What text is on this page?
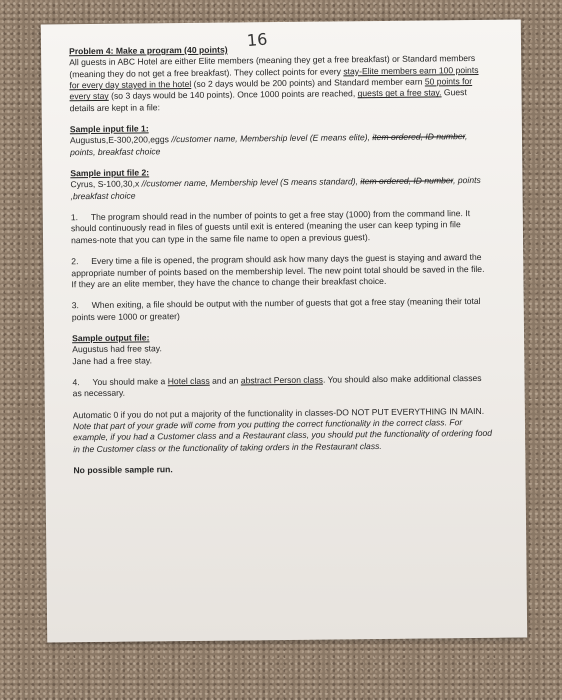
16

Problem 4: Make a program (40 points)
All guests in ABC Hotel are either Elite members (meaning they get a free breakfast) or Standard members (meaning they do not get a free breakfast). They collect points for every stay-Elite members earn 100 points for every day stayed in the hotel (so 2 days would be 200 points) and Standard member earn 50 points for every stay (so 3 days would be 140 points). Once 1000 points are reached, guests get a free stay. Guest details are kept in a file:

Sample input file 1:
Augustus,E-300,200,eggs //customer name, Membership level (E means elite), item ordered, ID number, points, breakfast choice

Sample input file 2:
Cyrus, S-100,30,x //customer name, Membership level (S means standard), item ordered, ID number, points ,breakfast choice

1. The program should read in the number of points to get a free stay (1000) from the command line. It should continuously read in files of guests until exit is entered (meaning the user can keep typing in file names-note that you can type in the same file name to open a previous guest).
2. Every time a file is opened, the program should ask how many days the guest is staying and award the appropriate number of points based on the membership level. The new point total should be saved in the file. If they are an elite member, they have the chance to change their breakfast choice.
3. When exiting, a file should be output with the number of guests that got a free stay (meaning their total points were 1000 or greater)

Sample output file:
Augustus had free stay.
Jane had a free stay.

4. You should make a Hotel class and an abstract Person class. You should also make additional classes as necessary.

Automatic 0 if you do not put a majority of the functionality in classes-DO NOT PUT EVERYTHING IN MAIN. Note that part of your grade will come from you putting the correct functionality in the correct class. For example, if you had a Customer class and a Restaurant class, you should put the functionality of ordering food in the Customer class or the functionality of taking orders in the Restaurant class.

No possible sample run.
